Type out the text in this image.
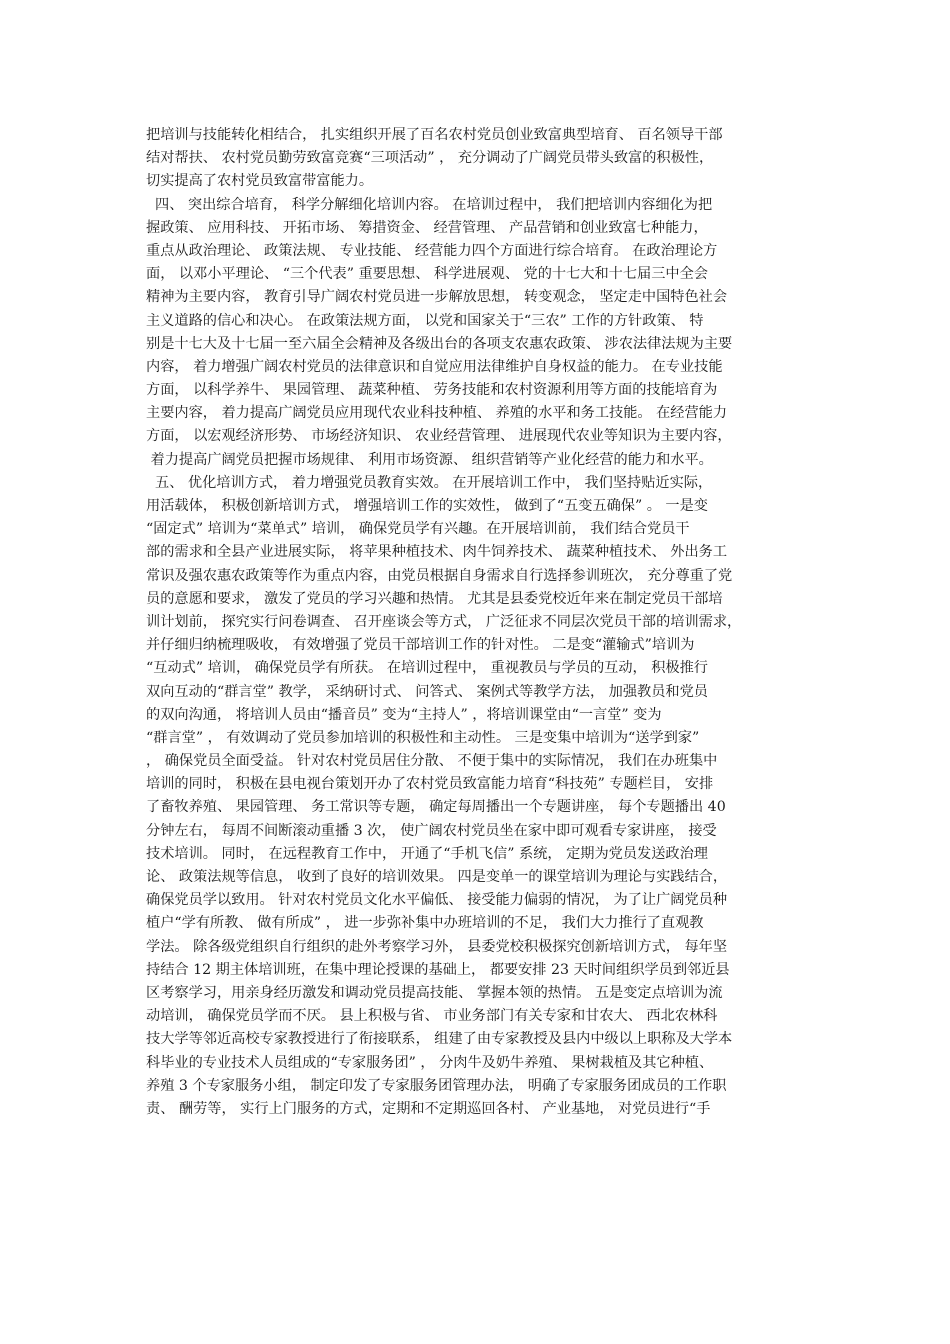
把培训与技能转化相结合， 扎实组织开展了百名农村党员创业致富典型培育、 百名领导干部
结对帮扶、 农村党员勤劳致富竞赛“三项活动” ， 充分调动了广阔党员带头致富的积极性，
切实提高了农村党员致富带富能力。
四、 突出综合培育， 科学分解细化培训内容。 在培训过程中， 我们把培训内容细化为把
握政策、 应用科技、 开拓市场、 筹措资金、 经营管理、 产品营销和创业致富七种能力，
重点从政治理论、 政策法规、 专业技能、 经营能力四个方面进行综合培育。 在政治理论方
面， 以邓小平理论、 “三个代表” 重要思想、 科学进展观、 党的十七大和十七届三中全会
精神为主要内容， 教育引导广阔农村党员进一步解放思想， 转变观念， 坚定走中国特色社会
主义道路的信心和决心。 在政策法规方面， 以党和国家关于“三农” 工作的方针政策、 特
别是十七大及十七届一至六届全会精神及各级出台的各项支农惠农政策、 涉农法律法规为主要
内容， 着力增强广阔农村党员的法律意识和自觉应用法律维护自身权益的能力。 在专业技能
方面， 以科学养牛、 果园管理、 蔬菜种植、 劳务技能和农村资源利用等方面的技能培育为
主要内容， 着力提高广阔党员应用现代农业科技种植、 养殖的水平和务工技能。 在经营能力
方面， 以宏观经济形势、 市场经济知识、 农业经营管理、 进展现代农业等知识为主要内容，
着力提高广阔党员把握市场规律、 利用市场资源、 组织营销等产业化经营的能力和水平。
五、 优化培训方式， 着力增强党员教育实效。 在开展培训工作中， 我们坚持贴近实际，
用活载体， 积极创新培训方式， 增强培训工作的实效性， 做到了“五变五确保” 。 一是变
“固定式” 培训为“菜单式” 培训， 确保党员学有兴趣。在开展培训前， 我们结合党员干
部的需求和全县产业进展实际， 将苹果种植技术、肉牛饲养技术、 蔬菜种植技术、 外出务工
常识及强农惠农政策等作为重点内容，由党员根据自身需求自行选择参训班次， 充分尊重了党
员的意愿和要求， 激发了党员的学习兴趣和热情。 尤其是县委党校近年来在制定党员干部培
训计划前， 探究实行问卷调查、 召开座谈会等方式， 广泛征求不同层次党员干部的培训需求，
并仔细归纳梳理吸收， 有效增强了党员干部培训工作的针对性。 二是变“灌输式”培训为
“互动式” 培训， 确保党员学有所获。 在培训过程中， 重视教员与学员的互动， 积极推行
双向互动的“群言堂” 教学， 采纳研讨式、 问答式、 案例式等教学方法， 加强教员和党员
的双向沟通， 将培训人员由“播音员” 变为“主持人” ，将培训课堂由“一言堂” 变为
“群言堂” ， 有效调动了党员参加培训的积极性和主动性。 三是变集中培训为“送学到家”
， 确保党员全面受益。 针对农村党员居住分散、 不便于集中的实际情况， 我们在办班集中
培训的同时， 积极在县电视台策划开办了农村党员致富能力培育“科技苑” 专题栏目， 安排
了畜牧养殖、 果园管理、 务工常识等专题， 确定每周播出一个专题讲座， 每个专题播出 40
分钟左右， 每周不间断滚动重播 3 次， 使广阔农村党员坐在家中即可观看专家讲座， 接受
技术培训。 同时， 在远程教育工作中， 开通了“手机飞信” 系统， 定期为党员发送政治理
论、 政策法规等信息， 收到了良好的培训效果。 四是变单一的课堂培训为理论与实践结合，
确保党员学以致用。 针对农村党员文化水平偏低、 接受能力偏弱的情况， 为了让广阔党员种
植户“学有所教、 做有所成” ， 进一步弥补集中办班培训的不足， 我们大力推行了直观教
学法。 除各级党组织自行组织的赴外考察学习外， 县委党校积极探究创新培训方式， 每年坚
持结合 12 期主体培训班，在集中理论授课的基础上， 都要安排 23 天时间组织学员到邻近县
区考察学习，用亲身经历激发和调动党员提高技能、 掌握本领的热情。 五是变定点培训为流
动培训， 确保党员学而不厌。 县上积极与省、 市业务部门有关专家和甘农大、 西北农林科
技大学等邻近高校专家教授进行了衔接联系， 组建了由专家教授及县内中级以上职称及大学本
科毕业的专业技术人员组成的“专家服务团” ， 分肉牛及奶牛养殖、 果树栽植及其它种植、
养殖 3 个专家服务小组， 制定印发了专家服务团管理办法， 明确了专家服务团成员的工作职
责、 酬劳等， 实行上门服务的方式，定期和不定期巡回各村、 产业基地， 对党员进行“手
